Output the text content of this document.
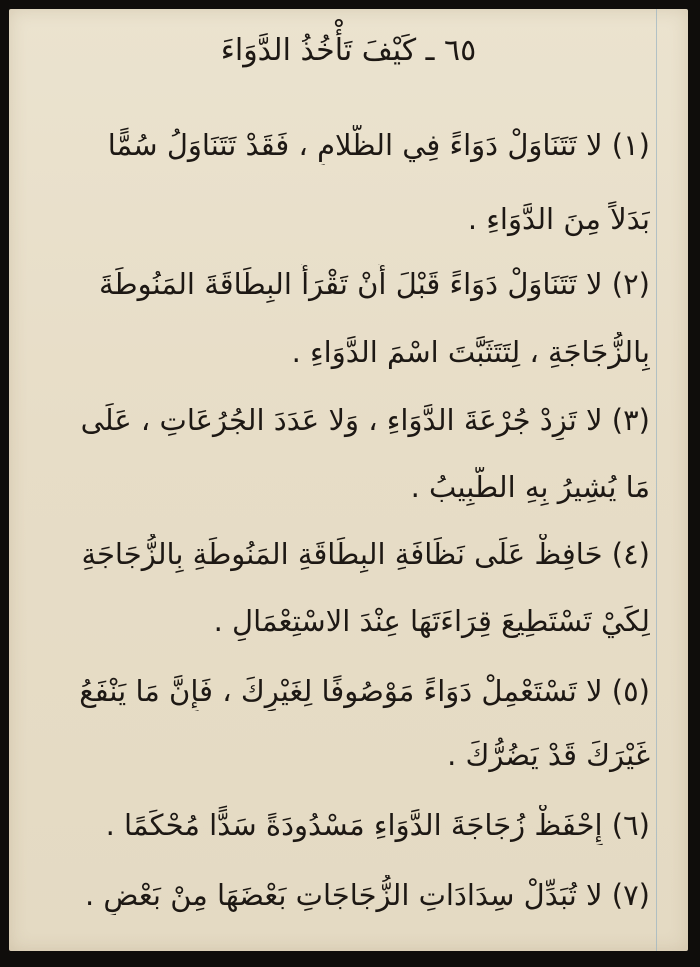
٦٥ ـ كَيْفَ تَأْخُذُ الدَّوَاءَ
(١) لا تَتَنَاوَلْ دَوَاءً فِي الظَّلامِ ، فَقَدْ تَتَنَاوَلُ سُمًّا
بَدَلاً مِنَ الدَّوَاءِ .
(٢) لا تَتَنَاوَلْ دَوَاءً قَبْلَ أَنْ تَقْرَأَ البِطَاقَةَ المَنُوطَةَ
بِالزُّجَاجَةِ ، لِتَتَثَبَّتَ اسْمَ الدَّوَاءِ .
(٣) لا تَزِدْ جُرْعَةَ الدَّوَاءِ ، وَلا عَدَدَ الجُرُعَاتِ ، عَلَى
مَا يُشِيرُ بِهِ الطَّبِيبُ .
(٤) حَافِظْ عَلَى نَظَافَةِ البِطَاقَةِ المَنُوطَةِ بِالزُّجَاجَةِ
لِكَيْ تَسْتَطِيعَ قِرَاءَتَهَا عِنْدَ الاسْتِعْمَالِ .
(٥) لا تَسْتَعْمِلْ دَوَاءً مَوْصُوفًا لِغَيْرِكَ ، فَإِنَّ مَا يَنْفَعُ
غَيْرَكَ قَدْ يَضُرُّكَ .
(٦) إِحْفَظْ زُجَاجَةَ الدَّوَاءِ مَسْدُودَةً سَدًّا مُحْكَمًا .
(٧) لا تُبَدِّلْ سِدَادَاتِ الزُّجَاجَاتِ بَعْضَهَا مِنْ بَعْضٍ .
